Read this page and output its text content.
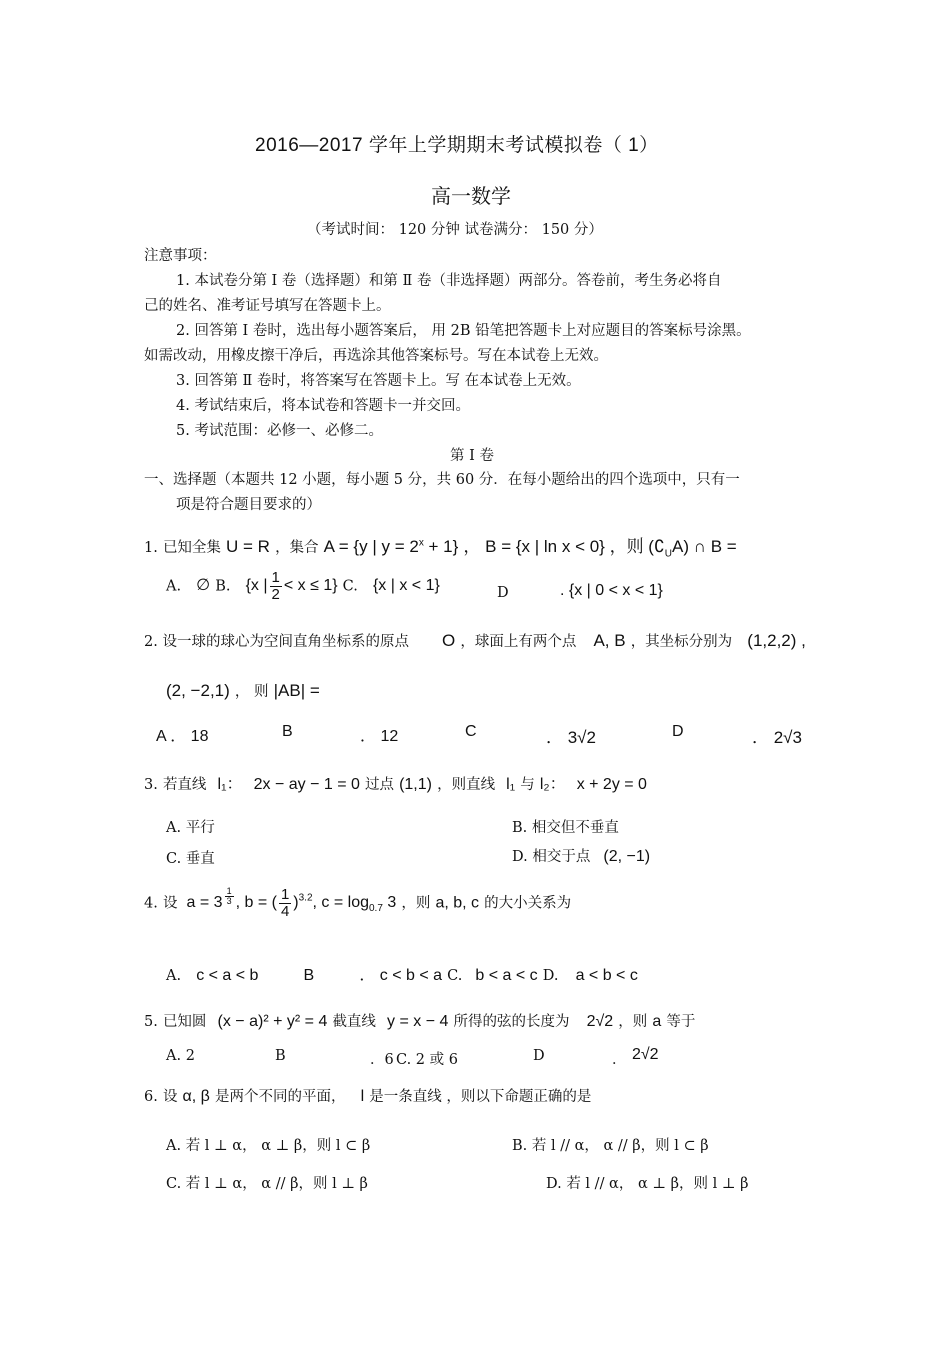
2016—2017 学年上学期期末考试模拟卷（ 1）
高一数学
（考试时间： 120 分钟 试卷满分： 150 分）
注意事项：
1. 本试卷分第 Ⅰ 卷（选择题）和第 Ⅱ 卷（非选择题）两部分。答卷前，考生务必将自
己的姓名、准考证号填写在答题卡上。
2. 回答第 Ⅰ 卷时，选出每小题答案后， 用 2B 铅笔把答题卡上对应题目的答案标号涂黑。
如需改动，用橡皮擦干净后，再选涂其他答案标号。写在本试卷上无效。
3. 回答第 Ⅱ 卷时，将答案写在答题卡上。写 在本试卷上无效。
4. 考试结束后，将本试卷和答题卡一并交回。
5. 考试范围：必修一、必修二。
第 Ⅰ 卷
一、选择题（本题共 12 小题，每小题 5 分，共 60 分．在每小题给出的四个选项中，只有一
项是符合题目要求的）
1. 已知全集 U = R ，集合 A = {y | $y = 2^x + 1$} ， B = {x | ln x < 0} ，则 $(∁_UA)$ ∩ B =
A. ∅ B. {x | $\frac{1}{2} < x \le 1$} C. {x | x < 1}	D	. {x | 0 < x < 1}
2. 设一球的球心为空间直角坐标系的原点 O ，球面上有两个点 A, B ，其坐标分别为 (1,2,2) ,
(2, −2,1) ， 则 |AB| =
A ． 18	B	． 12	C	． 3√2	D	． 2√3
3. 若直线 l₁： 2x − ay − 1 = 0 过点 (1,1) ，则直线 l₁ 与 l₂： x + 2y = 0
A. 平行	B. 相交但不垂直
C. 垂直	D. 相交于点 (2, −1)
4. 设 $a = 3 \frac{1}{3}$ , b = ( $\frac{1}{4} )^{3.2}$, $c = \log_{0.7} 3$ ，则 a, b, c 的大小关系为
A. c < a < b	B	． c < b < a C. b < a < c D. a < b < c
5. 已知圆 (x − a)² + y² = 4 截直线 y = x − 4 所得的弦的长度为 2√2 ，则 a 等于
A. 2	B	．6 C. 2 或 6	D	． 2√2
6. 设 α, β 是两个不同的平面， l 是一条直线 ，则以下命题正确的是
A. 若 l ⊥ α， α ⊥ β，则 l ⊂ β	B. 若 l // α， α // β，则 l ⊂ β
C. 若 l ⊥ α， α // β，则 l ⊥ β	D. 若 l // α， α ⊥ β，则 l ⊥ β
